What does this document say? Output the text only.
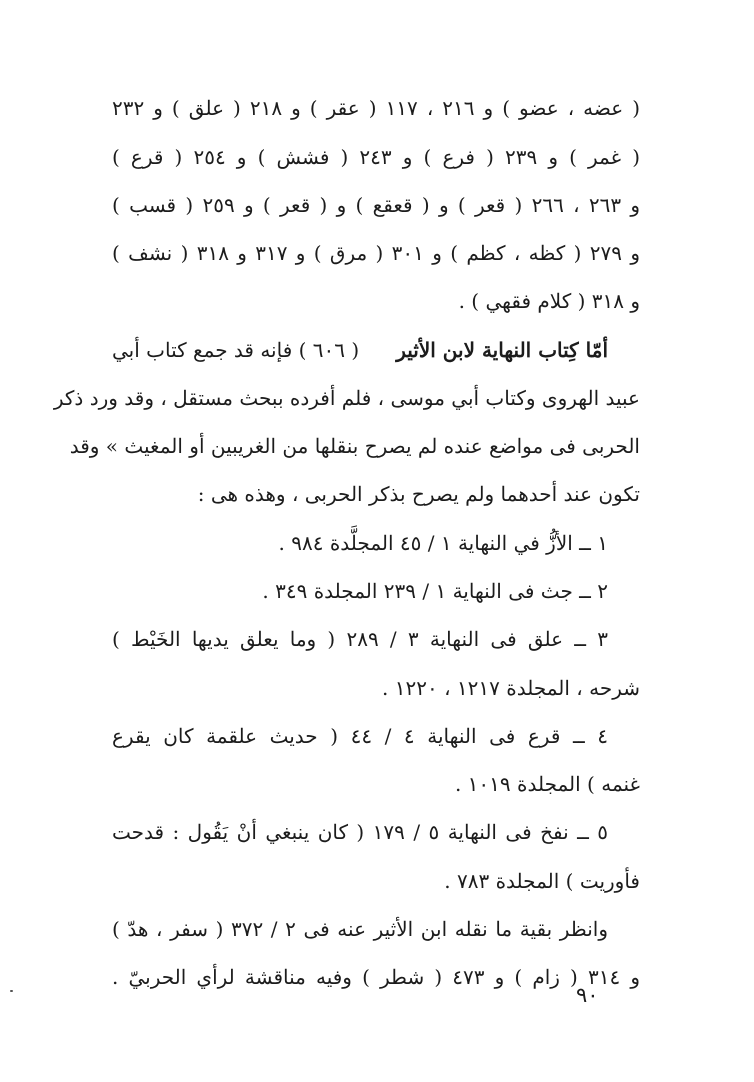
( عضه ، عضو ) و ٢١٦ ، ١١٧ ( عقر ) و ٢١٨ ( علق ) و ٢٣٢
( غمر ) و ٢٣٩ ( فرع ) و ٢٤٣ ( فشش ) و ٢٥٤ ( قرع )
و ٢٦٣ ، ٢٦٦ ( قعر ) و ( قعقع ) و ( قعر ) و ٢٥٩ ( قسب )
و ٢٧٩ ( كظه ، كظم ) و ٣٠١ ( مرق ) و ٣١٧ و ٣١٨ ( نشف )
و ٣١٨ ( كلام فقهي ) .
أمّا كِتاب النهاية لابن الأثير
( ٦٠٦ ) فإنه قد جمع كتاب أبي
عبيد الهروى وكتاب أبي موسى ، فلم أفرده ببحث مستقل ، وقد ورد ذكر
الحربى فى مواضع عنده لم يصرح بنقلها من الغريبين أو المغيث » وقد
تكون عند أحدهما ولم يصرح بذكر الحربى ، وهذه هى :
١ ــ الأزُّ في النهاية ١ / ٤٥ المجلَّدة ٩٨٤ .
٢ ــ جث فى النهاية ١ / ٢٣٩ المجلدة ٣٤٩ .
٣ ــ علق فى النهاية ٣ / ٢٨٩ ( وما يعلق يديها الخَيْط )
شرحه ، المجلدة ١٢١٧ ، ١٢٢٠ .
٤ ــ قرع فى النهاية ٤ / ٤٤ ( حديث علقمة كان يقرع
غنمه ) المجلدة ١٠١٩ .
٥ ــ نفخ فى النهاية ٥ / ١٧٩ ( كان ينبغي أنْ يَقُول : قدحت
فأوريت ) المجلدة ٧٨٣ .
وانظر بقية ما نقله ابن الأثير عنه فى ٢ / ٣٧٢ ( سفر ، هدّ )
و ٣١٤ ( زام ) و ٤٧٣ ( شطر ) وفيه مناقشة لرأي الحربيّ .
٩٠
